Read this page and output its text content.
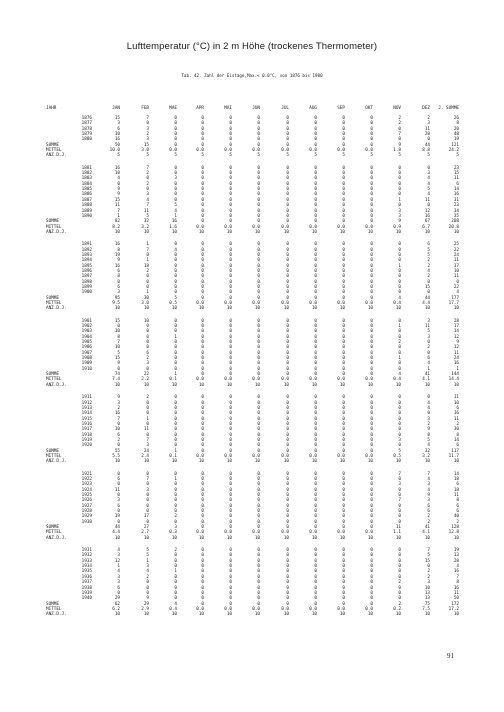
Lufttemperatur (°C) in 2 m Höhe (trockenes Thermometer)
Tab. 42. Zahl der Eistage,Max.< 0.0°C, von 1876 bis 1980
JAHR	JAN	FEB	MAE	APR	MAI	JUN	JUL	AUG	SEP	OKT	NOV	DEZ	J. SUMME
1876	15	7	0	0	0	0	0	0	0	0	2	2	26
1877	3	0	0	0	0	0	0	0	0	0	2	3	8
1878	6	3	0	0	0	0	0	0	0	0	0	11	20
1879	10	2	0	0	0	0	0	0	0	0	7	28	48
1880	16	3	0	0	0	0	0	0	0	0	0	0	19
SUMME	50	15	0	0	0	0	0	0	0	0	9	44	121
MITTEL	10.0	3.0	0.0	0.0	0.0	0.0	0.0	0.0	0.0	0.0	1.8	8.8	24.2
ANZ.D.J.	5	5	5	5	5	5	5	5	5	5	5	5	5

1881	16	7	0	0	0	0	0	0	0	0	0	0	23
1882	10	2	0	0	0	0	0	0	0	0	0	3	15
1883	4	0	3	0	0	0	0	0	0	0	0	4	11
1884	0	2	0	0	0	0	0	0	0	0	0	4	6
1885	9	0	0	0	0	0	0	0	0	0	0	5	14
1886	9	3	0	0	0	0	0	0	0	0	0	4	16
1887	15	4	0	0	0	0	0	0	0	0	1	11	31
1888	11	7	5	0	0	0	0	0	0	0	0	0	23
1889	7	11	4	0	0	0	0	0	0	0	3	12	34
1890	1	5	1	0	0	0	0	0	0	0	3	16	35
SUMME	82	32	16	0	0	0	0	0	0	0	9	67	208
MITTEL	8.2	3.2	1.6	0.0	0.0	0.0	0.0	0.0	0.0	0.0	0.9	6.7	20.8
ANZ.D.J.	10	10	10	10	10	10	10	10	10	10	10	10	10

1891	16	1	0	0	0	0	0	0	0	0	0	6	25
1892	8	7	4	0	0	0	0	0	0	0	0	5	22
1893	19	0	0	0	0	0	0	0	0	0	0	5	24
1894	9	1	0	0	0	0	0	0	0	0	0	2	11
1895	16	18	0	0	0	0	0	0	0	0	1	2	37
1896	6	2	0	0	0	0	0	0	0	0	0	4	10
1897	8	0	0	0	0	0	0	0	0	0	0	2	11
1898	0	0	0	0	0	0	0	0	0	0	0	0	0
1899	6	0	0	0	0	0	0	0	0	0	0	15	22
1900	3	1	0	0	0	0	0	0	0	0	0	0	4
SUMME	95	30	5	0	0	0	0	0	0	0	4	44	177
MITTEL	9.5	3.0	0.5	0.0	0.0	0.0	0.0	0.0	0.0	0.0	0.4	4.4	17.7
ANZ.D.J.	10	10	10	10	10	10	10	10	10	10	10	10	10

1901	15	10	0	0	0	0	0	0	0	0	0	3	28
1902	0	0	0	0	0	0	0	0	0	0	1	11	17
1903	10	0	0	0	0	0	0	0	0	0	0	5	14
1904	8	0	1	0	0	0	0	0	0	0	0	3	12
1905	7	0	0	0	0	0	0	0	0	0	2	0	9
1906	10	0	0	0	0	0	0	0	0	0	0	2	12
1907	5	6	0	0	0	0	0	0	0	0	0	0	11
1908	15	2	0	0	0	0	0	0	0	0	1	6	24
1909	9	3	0	0	0	0	0	0	0	0	0	4	16
1910	0	0	0	0	0	0	0	0	0	0	0	1	1
SUMME	74	22	1	0	0	0	0	0	0	0	4	41	144
MITTEL	7.4	2.2	0.1	0.0	0.0	0.0	0.0	0.0	0.0	0.0	0.4	4.1	14.4
ANZ.D.J.	10	10	10	10	10	10	10	10	10	10	10	10	10

1911	9	2	0	0	0	0	0	0	0	0	0	0	11
1912	3	0	0	0	0	0	0	0	0	0	0	4	10
1913	2	0	0	0	0	0	0	0	0	0	0	4	6
1914	16	0	0	0	0	0	0	0	0	0	0	0	16
1915	7	1	0	0	0	0	0	0	0	0	0	3	11
1916	0	0	0	0	0	0	0	0	0	0	0	2	2
1917	10	11	0	0	0	0	0	0	0	0	0	9	30
1918	6	0	0	0	0	0	0	0	0	0	0	8	8
1919	2	7	0	0	0	0	0	0	0	0	3	5	14
1920	0	3	0	0	0	0	0	0	0	0	0	4	6
SUMME	55	24	1	0	0	0	0	0	0	0	5	32	117
MITTEL	5.5	2.4	0.1	0.0	0.0	0.0	0.0	0.0	0.0	0.0	0.5	3.2	11.7
ANZ.D.J.	10	10	10	10	10	10	10	10	10	10	10	10	10

1921	0	0	0	0	0	0	0	0	0	0	7	7	14
1922	6	7	1	0	0	0	0	0	0	0	0	4	18
1923	0	0	0	0	0	0	0	0	0	0	3	3	6
1924	11	3	0	0	0	0	0	0	0	0	0	4	18
1925	0	0	0	0	0	0	0	0	0	0	0	9	11
1926	3	0	0	0	0	0	0	0	0	0	7	3	8
1927	6	0	0	0	0	0	0	0	0	0	0	6	6
1928	0	0	0	0	0	0	0	0	0	0	0	6	6
1929	19	17	2	0	0	0	0	0	0	0	0	2	40
1930	0	0	0	0	0	0	0	0	0	0	0	2	2
SUMME	44	27	3	0	0	0	0	0	0	0	11	41	128
MITTEL	4.4	2.7	0.3	0.0	0.0	0.0	0.0	0.0	0.0	0.0	1.1	4.1	12.8
ANZ.D.J.	10	10	10	10	10	10	10	10	10	10	10	10	10

1931	4	5	2	0	0	0	0	0	0	0	0	7	19
1932	3	5	0	0	0	0	0	0	0	0	0	5	13
1933	12	1	0	0	0	0	0	0	0	0	0	15	28
1934	1	3	0	0	0	0	0	0	0	0	0	0	4
1935	4	4	1	0	0	0	0	0	0	0	0	2	16
1936	3	2	0	0	0	0	0	0	0	0	0	2	7
1937	3	0	0	0	0	0	0	0	0	0	2	3	8
1938	6	0	0	0	0	0	0	0	0	0	0	10	16
1939	0	0	0	0	0	0	0	0	0	0	0	13	11
1940	29	9	0	0	0	0	0	0	0	0	0	13	50
SUMME	62	29	4	0	0	0	0	0	0	0	2	75	172
MITTEL	6.2	2.9	0.4	0.0	0.0	0.0	0.0	0.0	0.0	0.0	0.2	7.5	17.2
ANZ.D.J.	10	10	10	10	10	10	10	10	10	10	10	10	10
91
